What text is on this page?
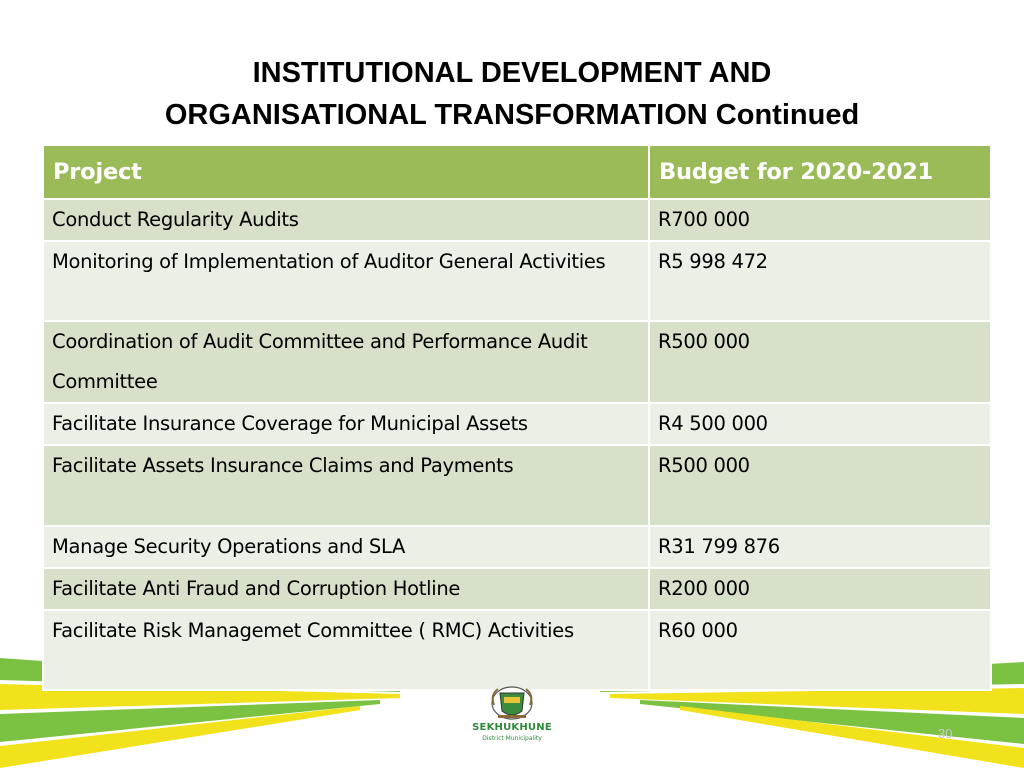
INSTITUTIONAL DEVELOPMENT AND
ORGANISATIONAL TRANSFORMATION Continued
Project	Budget for 2020-2021

Conduct Regularity Audits	R700 000

Monitoring of Implementation of Auditor General Activities	R5 998 472

Coordination of Audit Committee and Performance Audit Committee	R500 000

Facilitate Insurance Coverage for Municipal Assets	R4 500 000

Facilitate Assets Insurance Claims and Payments	R500 000

Manage Security Operations and SLA	R31 799 876

Facilitate Anti Fraud and Corruption Hotline	R200 000

Facilitate Risk Managemet Committee ( RMC) Activities	R60 000
SEKHUKHUNE
District Municipality	30
